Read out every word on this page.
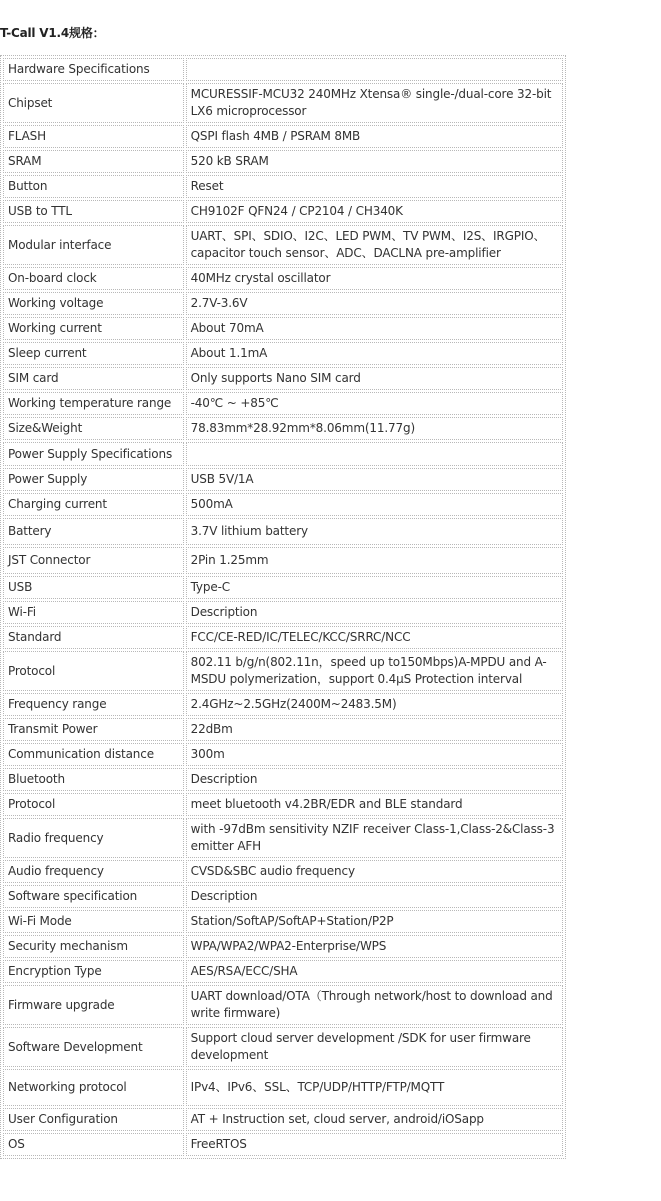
T-Call V1.4规格：
Hardware Specifications	
Chipset	MCURESSIF-MCU32 240MHz Xtensa® single-/dual-core 32-bit LX6 microprocessor
FLASH	QSPI flash 4MB / PSRAM 8MB
SRAM	520 kB SRAM
Button	Reset
USB to TTL	CH9102F QFN24 / CP2104 / CH340K
Modular interface	UART、SPI、SDIO、I2C、LED PWM、TV PWM、I2S、IRGPIO、capacitor touch sensor、ADC、DACLNA pre-amplifier
On-board clock	40MHz crystal oscillator
Working voltage	2.7V-3.6V
Working current	About 70mA
Sleep current	About 1.1mA
SIM card	Only supports Nano SIM card
Working temperature range	-40℃ ~ +85℃
Size&Weight	78.83mm*28.92mm*8.06mm(11.77g)
Power Supply Specifications	
Power Supply	USB 5V/1A
Charging current	500mA
Battery	3.7V lithium battery
JST Connector	2Pin 1.25mm
USB	Type-C
Wi-Fi	Description
Standard	FCC/CE-RED/IC/TELEC/KCC/SRRC/NCC
Protocol	802.11 b/g/n(802.11n，speed up to150Mbps)A-MPDU and A-MSDU polymerization，support 0.4μS Protection interval
Frequency range	2.4GHz~2.5GHz(2400M~2483.5M)
Transmit Power	22dBm
Communication distance	300m
Bluetooth	Description
Protocol	meet bluetooth v4.2BR/EDR and BLE standard
Radio frequency	with -97dBm sensitivity NZIF receiver Class-1,Class-2&Class-3 emitter AFH
Audio frequency	CVSD&SBC audio frequency
Software specification	Description
Wi-Fi Mode	Station/SoftAP/SoftAP+Station/P2P
Security mechanism	WPA/WPA2/WPA2-Enterprise/WPS
Encryption Type	AES/RSA/ECC/SHA
Firmware upgrade	UART download/OTA（Through network/host to download and write firmware)
Software Development	Support cloud server development /SDK for user firmware development
Networking protocol	IPv4、IPv6、SSL、TCP/UDP/HTTP/FTP/MQTT
User Configuration	AT + Instruction set, cloud server, android/iOSapp
OS	FreeRTOS
